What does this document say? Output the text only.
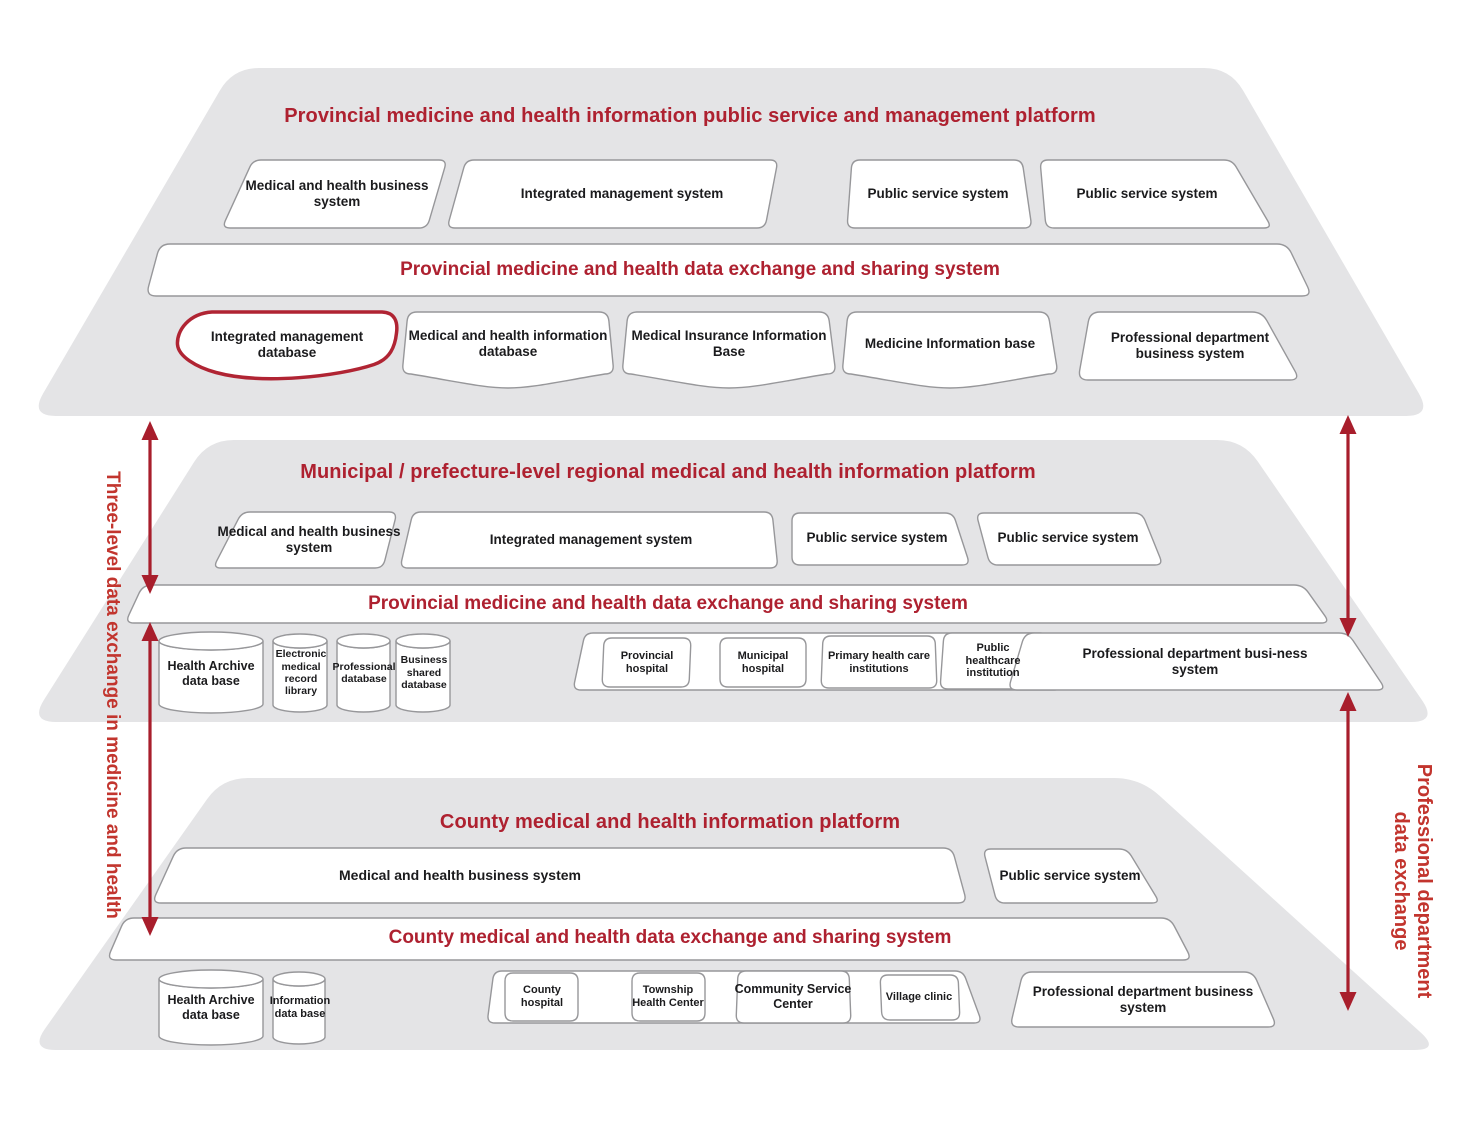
Provincial medicine and health information public service and management platform
Medical and health business system
Integrated management system	Public service system	Public service system
Provincial medicine and health data exchange and sharing system
Integrated management database
Medical and health information database
Medical Insurance Information Base
Medicine Information base	Professional department business system
Municipal / prefecture-level regional medical and health information platform
Medical and health business system
Integrated management system	Public service system	Public service system
Provincial medicine and health data exchange and sharing system
Health Archive data base
Electronic medical record library
Professional database
Business shared database
Provincial hospital
Municipal hospital
Primary health care institutions
Public healthcare institution
Professional department busi-ness system
County medical and health information platform
Medical and health business system	Public service system
County medical and health data exchange and sharing system
Health Archive data base
Information data base
County hospital
Township Health Center
Community Service Center
Village clinic	Professional department business system
Three-level data exchange in medicine and health	Professional department data exchange
